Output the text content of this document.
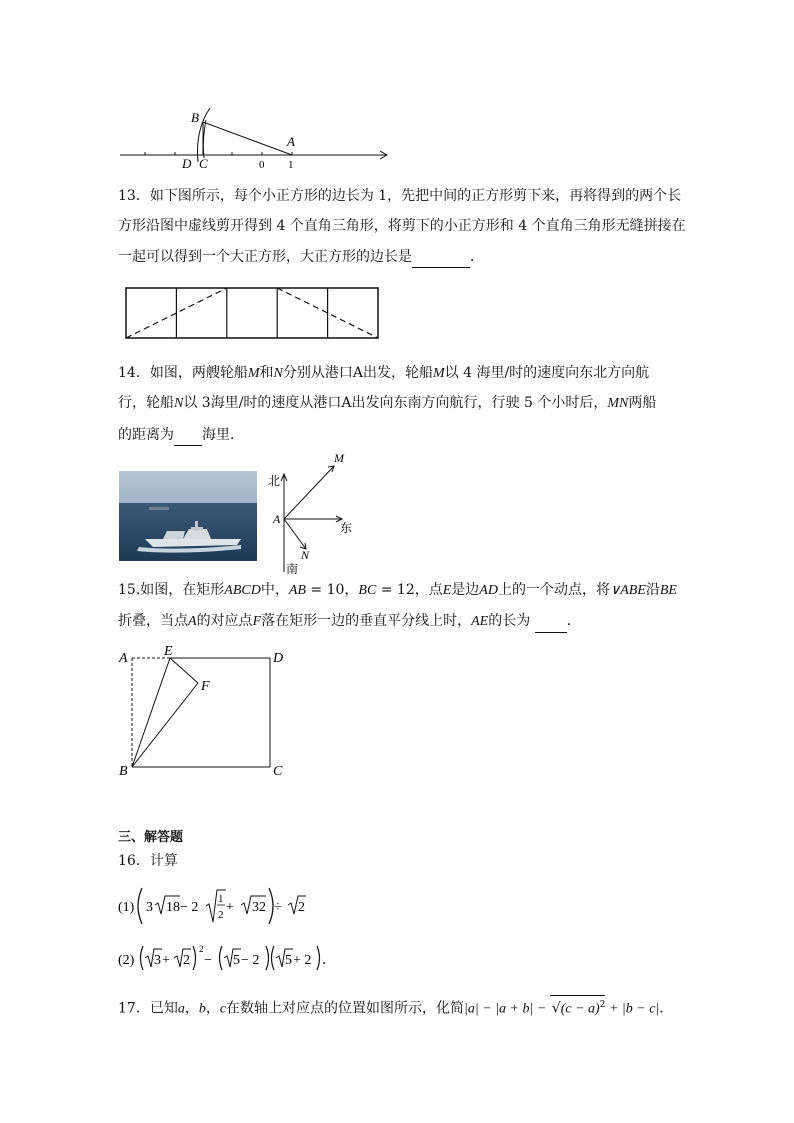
B
A
D C	0 1
13．如下图所示，每个小正方形的边长为 1，先把中间的正方形剪下来，再将得到的两个长
方形沿图中虚线剪开得到 4 个直角三角形，将剪下的小正方形和 4 个直角三角形无缝拼接在
一起可以得到一个大正方形，大正方形的边长是	．
14．如图，两艘轮船M和N分别从港口A出发，轮船M以 4 海里/时的速度向东北方向航
行，轮船N以 3海里/时的速度从港口A出发向东南方向航行，行驶 5 个小时后，MN两船
的距离为 海里．
北
南
东
A
M
N
15.如图，在矩形ABCD中，AB = 10，BC = 12，点E是边AD上的一个动点，将∨ABE沿BE
折叠，当点A的对应点F落在矩形一边的垂直平分线上时，AE的长为	．
A	E	D
F
B	C
三、解答题
16．计算
(1) 3 18 − 2
1
2 + 32 ÷ 2
(2) 3 + 2
2
− 5 − 2 5 + 2 ．
17．已知a，b，c在数轴上对应点的位置如图所示，化简$|a| - |a + b| - √(c - a)^2 + |b - c|$．
